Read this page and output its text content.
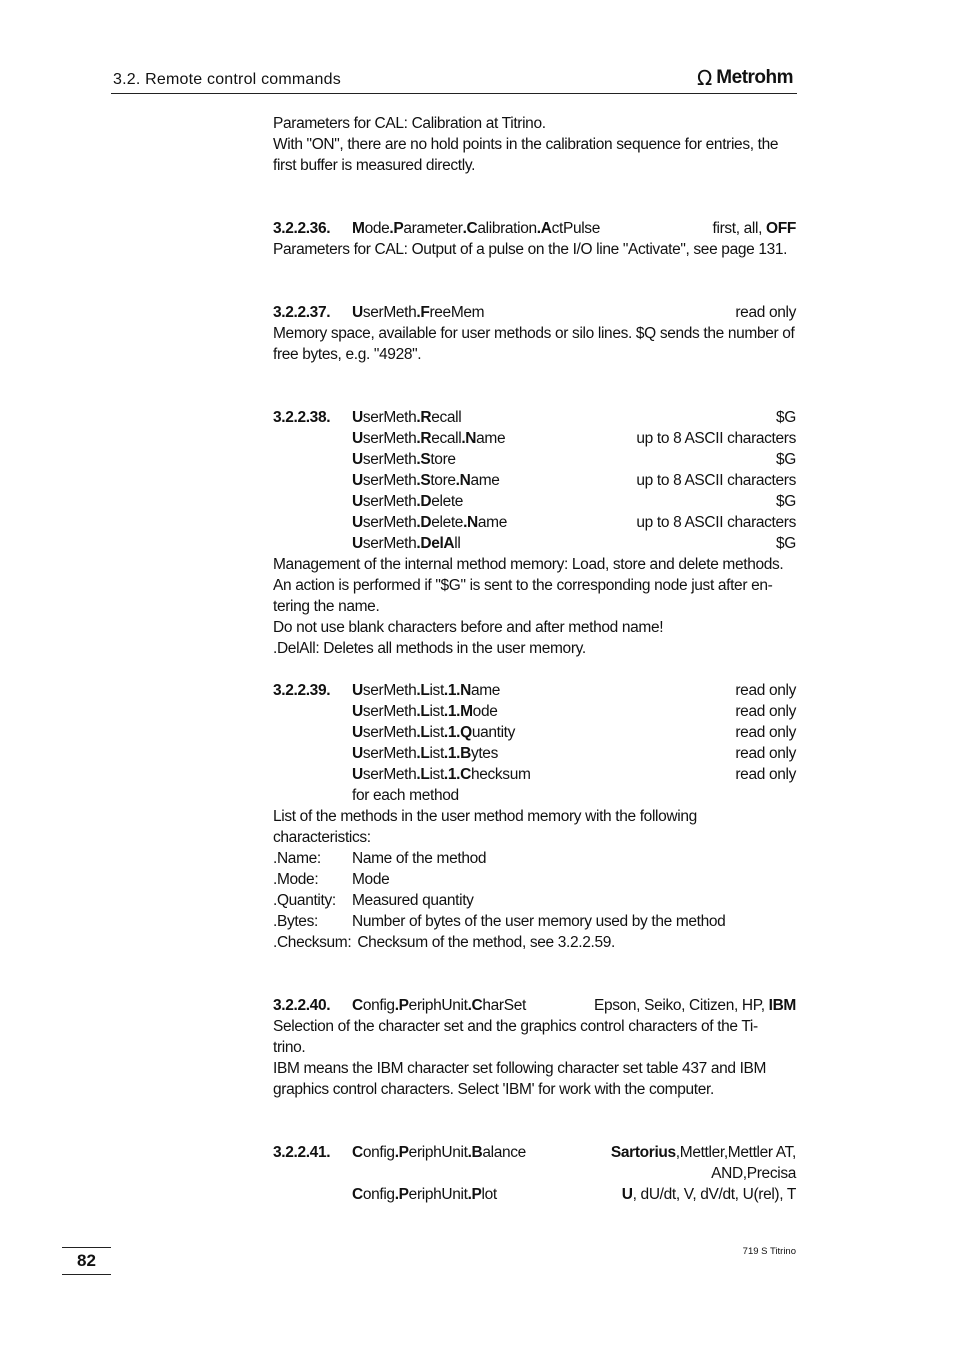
3.2. Remote control commands	Ω Metrohm

Parameters for CAL: Calibration at Titrino.

With "ON", there are no hold points in the calibration sequence for entries, the first buffer is measured directly.

3.2.2.36.	Mode.Parameter.Calibration.ActPulse	first, all, OFF

Parameters for CAL: Output of a pulse on the I/O line "Activate", see page 131.

3.2.2.37.	UserMeth.FreeMem	read only

Memory space, available for user methods or silo lines. $Q sends the number of free bytes, e.g. "4928".

3.2.2.38.	UserMeth.Recall	$G
UserMeth.Recall.Name	up to 8 ASCII characters
UserMeth.Store	$G
UserMeth.Store.Name	up to 8 ASCII characters
UserMeth.Delete	$G
UserMeth.Delete.Name	up to 8 ASCII characters
UserMeth.DelAll	$G

Management of the internal method memory: Load, store and delete methods.

An action is performed if "$G" is sent to the corresponding node just after en-tering the name.

Do not use blank characters before and after method name!

.DelAll: Deletes all methods in the user memory.

3.2.2.39.	UserMeth.List.1.Name	read only
UserMeth.List.1.Mode	read only
UserMeth.List.1.Quantity	read only
UserMeth.List.1.Bytes	read only
UserMeth.List.1.Checksum	read only
for each method

List of the methods in the user method memory with the following characteristics:

.Name:	Name of the method
.Mode:	Mode
.Quantity:	Measured quantity
.Bytes:	Number of bytes of the user memory used by the method
.Checksum: Checksum of the method, see 3.2.2.59.
3.2.2.40.	Config.PeriphUnit.CharSet	Epson, Seiko, Citizen, HP, IBM

Selection of the character set and the graphics control characters of the Ti-trino.

IBM means the IBM character set following character set table 437 and IBM graphics control characters. Select 'IBM' for work with the computer.

3.2.2.41.	Config.PeriphUnit.Balance	Sartorius,Mettler,Mettler AT,
AND,Precisa
Config.PeriphUnit.Plot	U, dU/dt, V, dV/dt, U(rel), T
82	719 S Titrino
